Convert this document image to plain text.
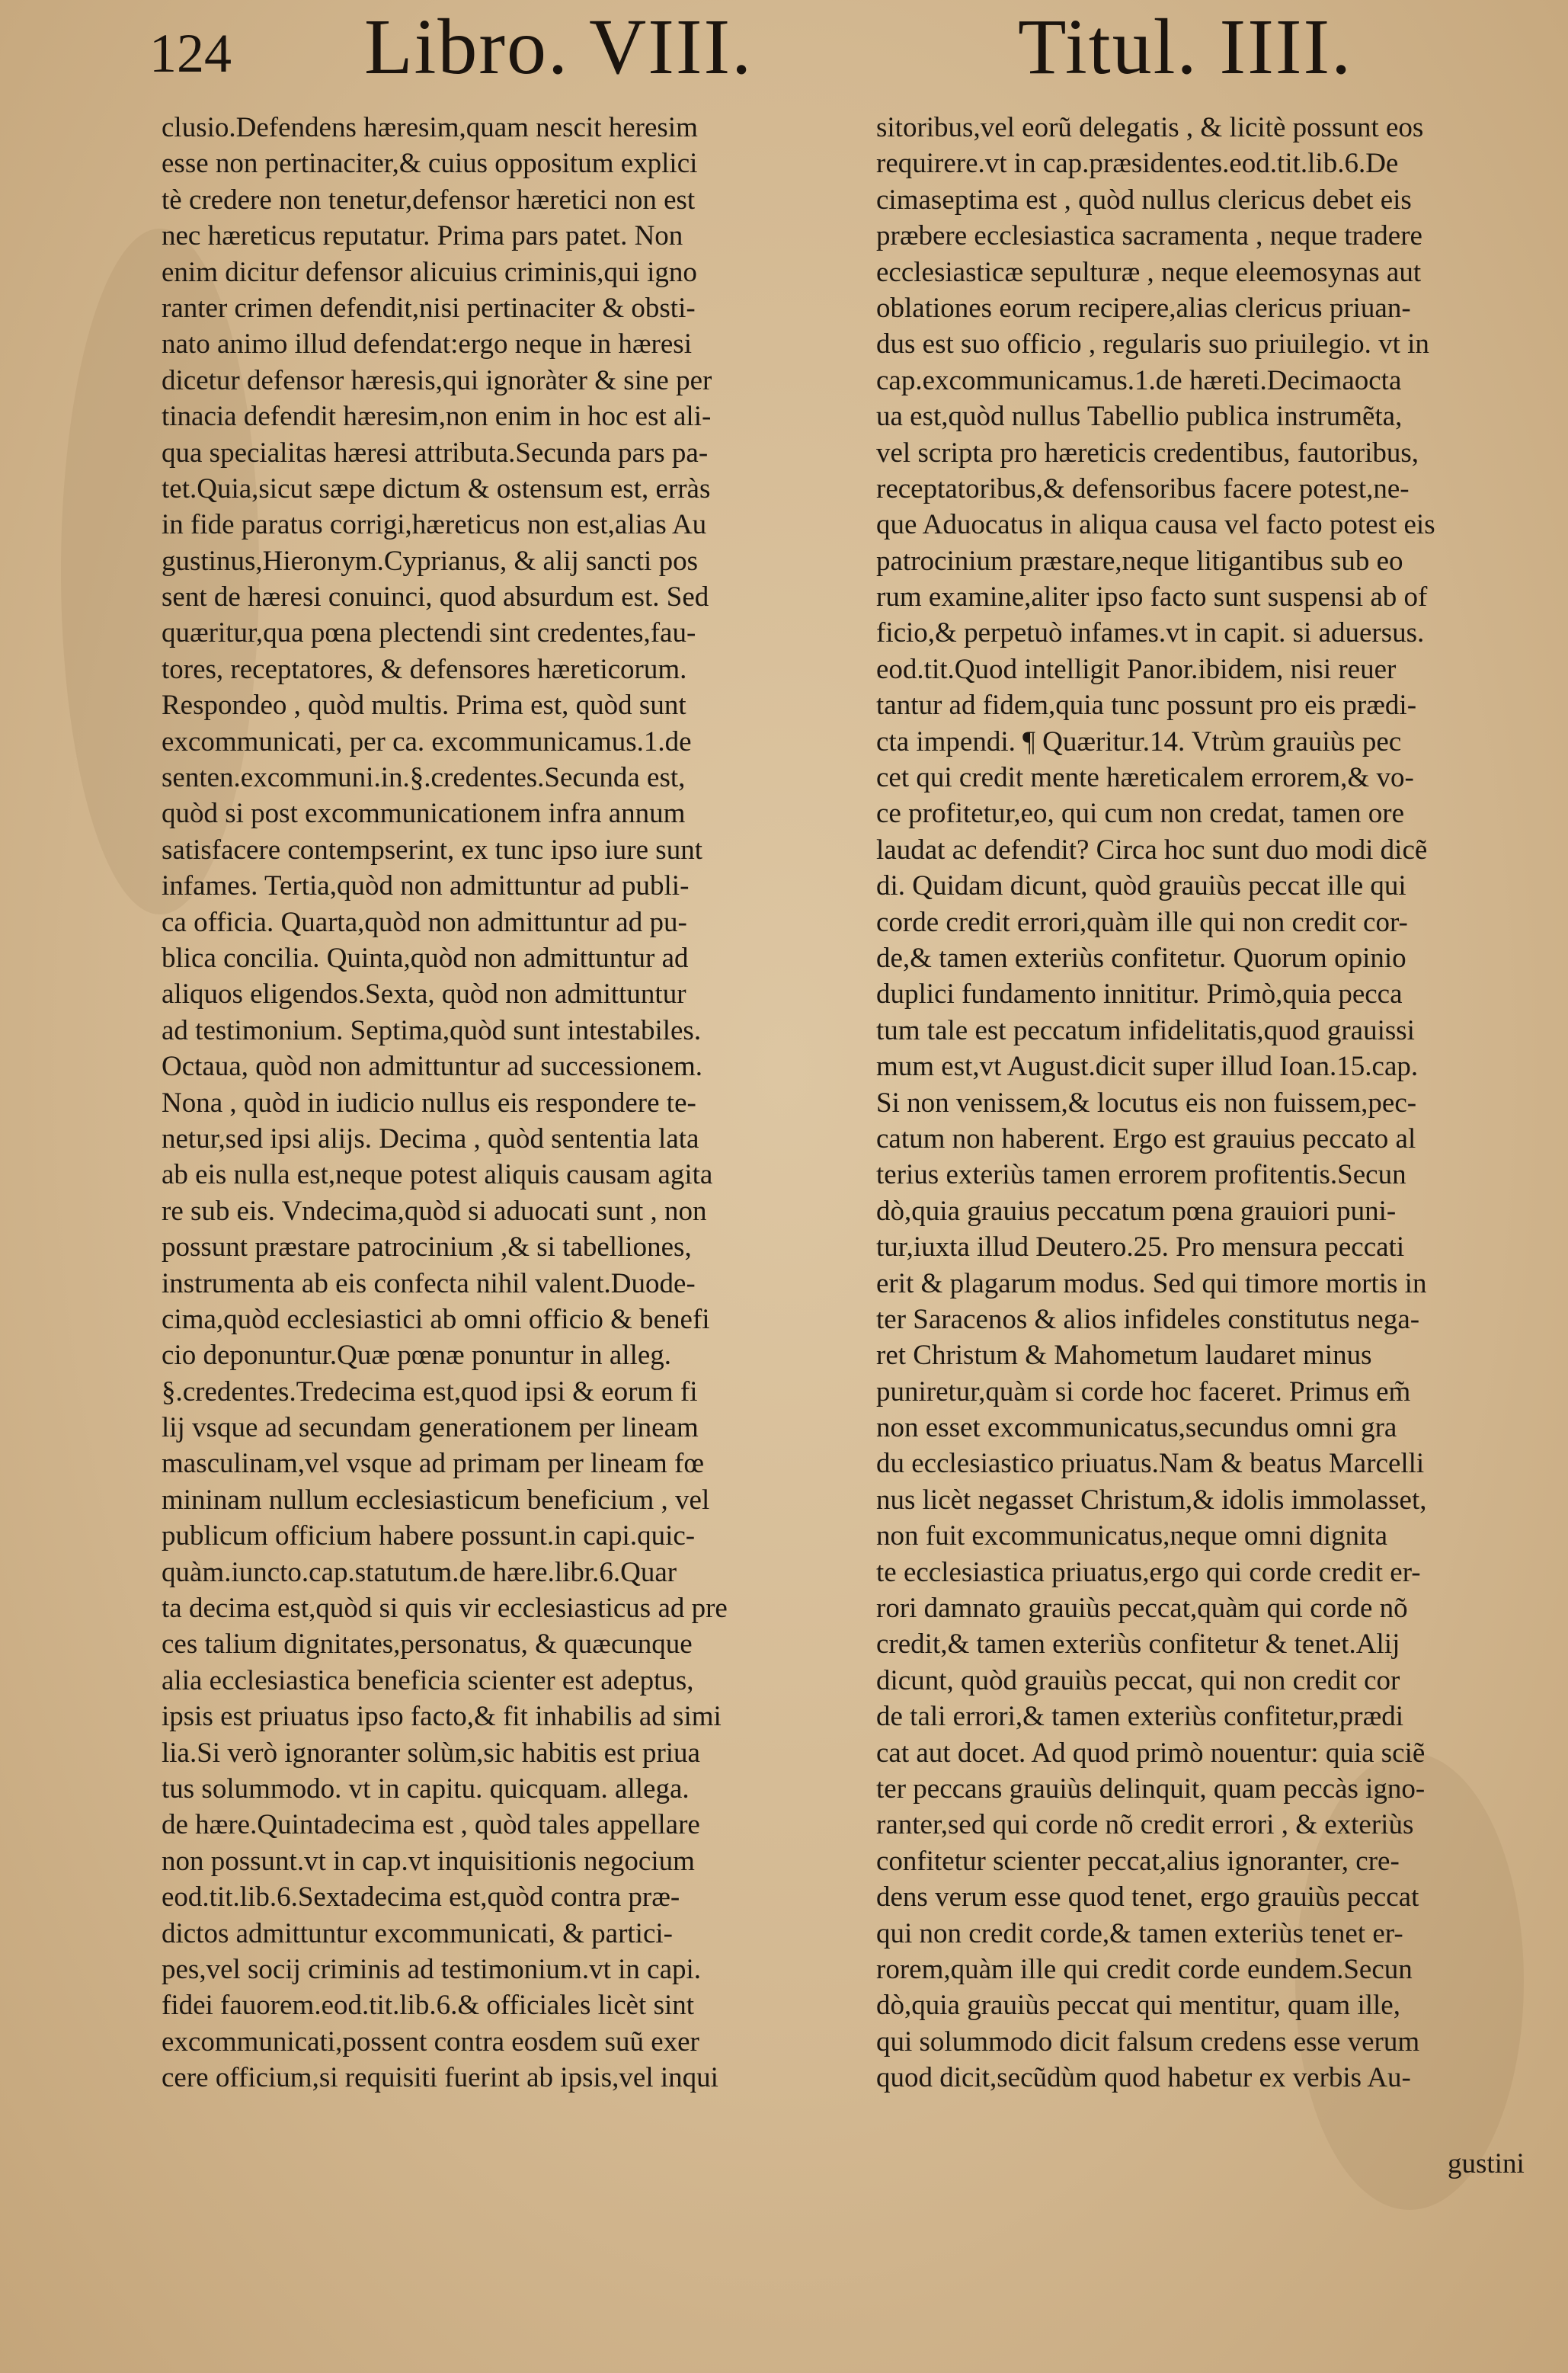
124 Libro. VIII.	Titul. IIII.
clusio.Defendens hæresim,quam nescit heresim
esse non pertinaciter,& cuius oppositum explici
tè credere non tenetur,defensor hæretici non est
nec hæreticus reputatur. Prima pars patet. Non
enim dicitur defensor alicuius criminis,qui igno
ranter crimen defendit,nisi pertinaciter & obsti-
nato animo illud defendat:ergo neque in hæresi
dicetur defensor hæresis,qui ignoràter & sine per
tinacia defendit hæresim,non enim in hoc est ali-
qua specialitas hæresi attributa.Secunda pars pa-
tet.Quia,sicut sæpe dictum & ostensum est, erràs
in fide paratus corrigi,hæreticus non est,alias Au
gustinus,Hieronym.Cyprianus, & alij sancti pos
sent de hæresi conuinci, quod absurdum est. Sed
quæritur,qua pœna plectendi sint credentes,fau-
tores, receptatores, & defensores hæreticorum.
Respondeo , quòd multis. Prima est, quòd sunt
excommunicati, per ca. excommunicamus.1.de
senten.excommuni.in.§.credentes.Secunda est,
quòd si post excommunicationem infra annum
satisfacere contempserint, ex tunc ipso iure sunt
infames. Tertia,quòd non admittuntur ad publi-
ca officia. Quarta,quòd non admittuntur ad pu-
blica concilia. Quinta,quòd non admittuntur ad
aliquos eligendos.Sexta, quòd non admittuntur
ad testimonium. Septima,quòd sunt intestabiles.
Octaua, quòd non admittuntur ad successionem.
Nona , quòd in iudicio nullus eis respondere te-
netur,sed ipsi alijs. Decima , quòd sententia lata
ab eis nulla est,neque potest aliquis causam agita
re sub eis. Vndecima,quòd si aduocati sunt , non
possunt præstare patrocinium ,& si tabelliones,
instrumenta ab eis confecta nihil valent.Duode-
cima,quòd ecclesiastici ab omni officio & benefi
cio deponuntur.Quæ pœnæ ponuntur in alleg.
§.credentes.Tredecima est,quod ipsi & eorum fi
lij vsque ad secundam generationem per lineam
masculinam,vel vsque ad primam per lineam fœ
mininam nullum ecclesiasticum beneficium , vel
publicum officium habere possunt.in capi.quic-
quàm.iuncto.cap.statutum.de hære.libr.6.Quar
ta decima est,quòd si quis vir ecclesiasticus ad pre
ces talium dignitates,personatus, & quæcunque
alia ecclesiastica beneficia scienter est adeptus,
ipsis est priuatus ipso facto,& fit inhabilis ad simi
lia.Si verò ignoranter solùm,sic habitis est priua
tus solummodo. vt in capitu. quicquam. allega.
de hære.Quintadecima est , quòd tales appellare
non possunt.vt in cap.vt inquisitionis negocium
eod.tit.lib.6.Sextadecima est,quòd contra præ-
dictos admittuntur excommunicati, & partici-
pes,vel socij criminis ad testimonium.vt in capi.
fidei fauorem.eod.tit.lib.6.& officiales licèt sint
excommunicati,possent contra eosdem suũ exer
cere officium,si requisiti fuerint ab ipsis,vel inqui
sitoribus,vel eorũ delegatis , & licitè possunt eos
requirere.vt in cap.præsidentes.eod.tit.lib.6.De
cimaseptima est , quòd nullus clericus debet eis
præbere ecclesiastica sacramenta , neque tradere
ecclesiasticæ sepulturæ , neque eleemosynas aut
oblationes eorum recipere,alias clericus priuan-
dus est suo officio , regularis suo priuilegio. vt in
cap.excommunicamus.1.de hæreti.Decimaocta
ua est,quòd nullus Tabellio publica instrumẽta,
vel scripta pro hæreticis credentibus, fautoribus,
receptatoribus,& defensoribus facere potest,ne-
que Aduocatus in aliqua causa vel facto potest eis
patrocinium præstare,neque litigantibus sub eo
rum examine,aliter ipso facto sunt suspensi ab of
ficio,& perpetuò infames.vt in capit. si aduersus.
eod.tit.Quod intelligit Panor.ibidem, nisi reuer
tantur ad fidem,quia tunc possunt pro eis prædi-
cta impendi. ¶ Quæritur.14. Vtrùm grauiùs pec
cet qui credit mente hæreticalem errorem,& vo-
ce profitetur,eo, qui cum non credat, tamen ore
laudat ac defendit? Circa hoc sunt duo modi dicẽ
di. Quidam dicunt, quòd grauiùs peccat ille qui
corde credit errori,quàm ille qui non credit cor-
de,& tamen exteriùs confitetur. Quorum opinio
duplici fundamento innititur. Primò,quia pecca
tum tale est peccatum infidelitatis,quod grauissi
mum est,vt August.dicit super illud Ioan.15.cap.
Si non venissem,& locutus eis non fuissem,pec-
catum non haberent. Ergo est grauius peccato al
terius exteriùs tamen errorem profitentis.Secun
dò,quia grauius peccatum pœna grauiori puni-
tur,iuxta illud Deutero.25. Pro mensura peccati
erit & plagarum modus. Sed qui timore mortis in
ter Saracenos & alios infideles constitutus nega-
ret Christum & Mahometum laudaret minus
puniretur,quàm si corde hoc faceret. Primus em̃
non esset excommunicatus,secundus omni gra
du ecclesiastico priuatus.Nam & beatus Marcelli
nus licèt negasset Christum,& idolis immolasset,
non fuit excommunicatus,neque omni dignita
te ecclesiastica priuatus,ergo qui corde credit er-
rori damnato grauiùs peccat,quàm qui corde nõ
credit,& tamen exteriùs confitetur & tenet.Alij
dicunt, quòd grauiùs peccat, qui non credit cor
de tali errori,& tamen exteriùs confitetur,prædi
cat aut docet. Ad quod primò nouentur: quia sciẽ
ter peccans grauiùs delinquit, quam peccàs igno-
ranter,sed qui corde nõ credit errori , & exteriùs
confitetur scienter peccat,alius ignoranter, cre-
dens verum esse quod tenet, ergo grauiùs peccat
qui non credit corde,& tamen exteriùs tenet er-
rorem,quàm ille qui credit corde eundem.Secun
dò,quia grauiùs peccat qui mentitur, quam ille,
qui solummodo dicit falsum credens esse verum
quod dicit,secũdùm quod habetur ex verbis Au-
gustini
